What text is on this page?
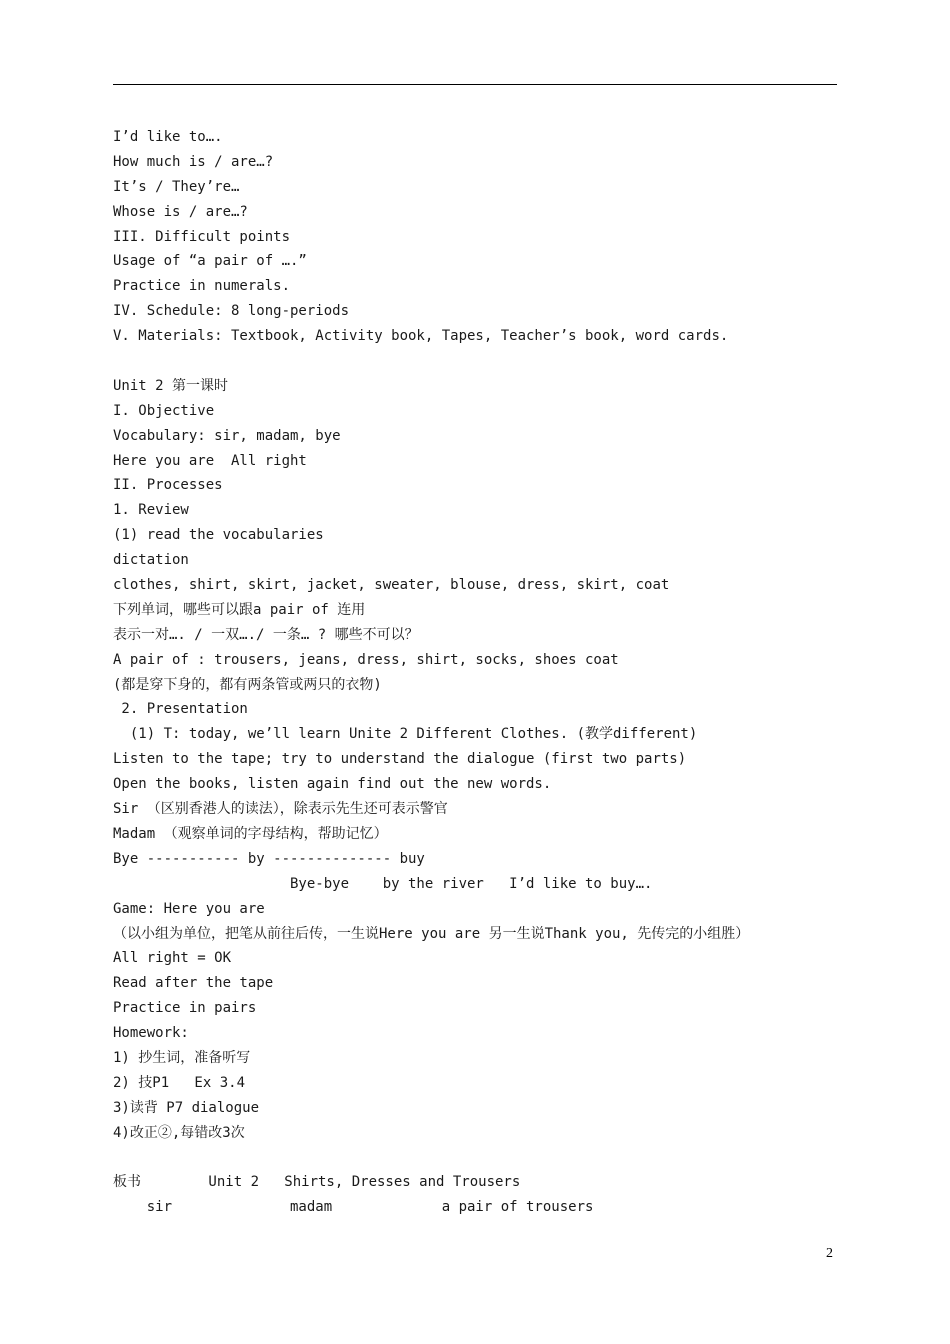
I’d like to….
How much is / are…?
It’s / They’re…
Whose is / are…?
III. Difficult points
Usage of “a pair of ….”
Practice in numerals.
IV. Schedule: 8 long-periods
V. Materials: Textbook, Activity book, Tapes, Teacher’s book, word cards.
Unit 2 第一课时
I. Objective
Vocabulary: sir, madam, bye
Here you are  All right
II. Processes
1. Review
(1) read the vocabularies
dictation
clothes, shirt, skirt, jacket, sweater, blouse, dress, skirt, coat
下列单词，哪些可以跟a pair of 连用
表示一对…. / 一双…./ 一条… ? 哪些不可以？
A pair of : trousers, jeans, dress, shirt, socks, shoes coat
(都是穿下身的，都有两条管或两只的衣物)
2. Presentation
(1) T: today, we’ll learn Unite 2 Different Clothes. (教学different)
Listen to the tape; try to understand the dialogue (first two parts)
Open the books, listen again find out the new words.
Sir （区别香港人的读法），除表示先生还可表示警官
Madam （观察单词的字母结构，帮助记忆）
Bye ----------- by -------------- buy
Bye-bye    by the river   I’d like to buy….
Game: Here you are
（以小组为单位，把笔从前往后传，一生说Here you are 另一生说Thank you, 先传完的小组胜）
All right = OK
Read after the tape
Practice in pairs
Homework:
1) 抄生词，准备听写
2) 技P1   Ex 3.4
3)读背 P7 dialogue
4)改正②,每错改3次
板书        Unit 2   Shirts, Dresses and Trousers
sir              madam             a pair of trousers
2
